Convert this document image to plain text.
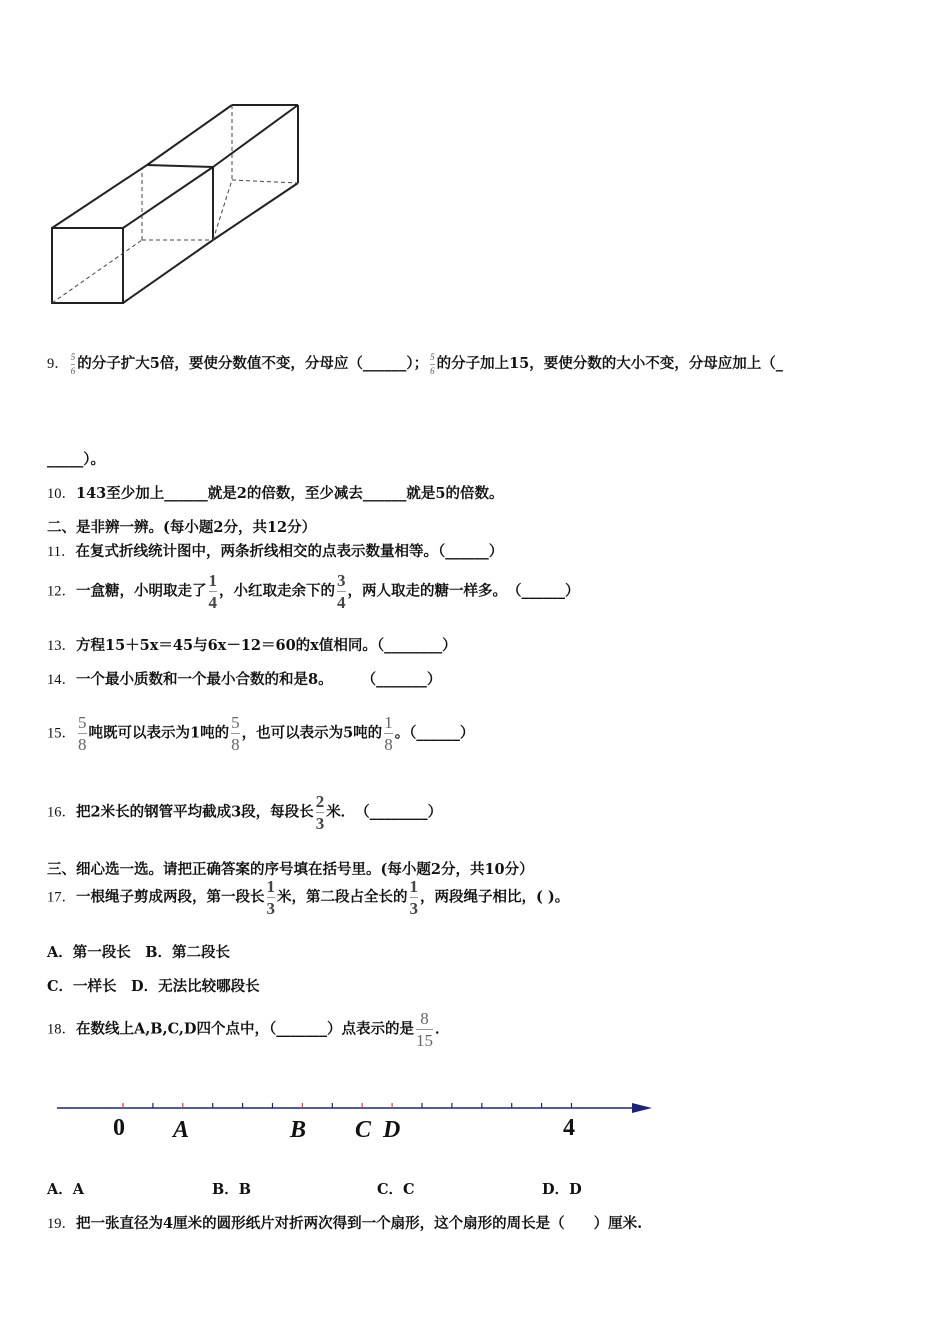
9． $\frac{5}{6}$ 的分子扩大5倍，要使分数值不变，分母应（______）； $\frac{5}{6}$ 的分子加上15，要使分数的大小不变，分母应加上（_
_____）。
10．143至少加上______就是2的倍数，至少减去______就是5的倍数。
二、是非辨一辨。(每小题2分，共12分）
11．在复式折线统计图中，两条折线相交的点表示数量相等。（______）
12．一盒糖，小明取走了 $\frac{1}{4}$ ，小红取走余下的 $\frac{3}{4}$ ，两人取走的糖一样多。　（______）
13．方程15＋5x＝45与6x－12＝60的x值相同。（________）
14．一个最小质数和一个最小合数的和是8。　　　（_______）
15． $\frac{5}{8}$ 吨既可以表示为1吨的 $\frac{5}{8}$ ，也可以表示为5吨的 $\frac{1}{8}$ 。（______）
16．把2米长的钢管平均截成3段，每段长 $\frac{2}{3}$ 米．　（________）
三、细心选一选。请把正确答案的序号填在括号里。(每小题2分，共10分）
17．一根绳子剪成两段，第一段长 $\frac{1}{3}$ 米，第二段占全长的 $\frac{1}{3}$ ，两段绳子相比，( )。
A．第一段长　B．第二段长
C．一样长　D．无法比较哪段长
18．在数线上A,B,C,D四个点中，（_______）点表示的是 $\frac{8}{15}$ ．
0 A	B C D	4
A．A	B．B	C．C	D．D
19．把一张直径为4厘米的圆形纸片对折两次得到一个扇形，这个扇形的周长是（　　）厘米.
